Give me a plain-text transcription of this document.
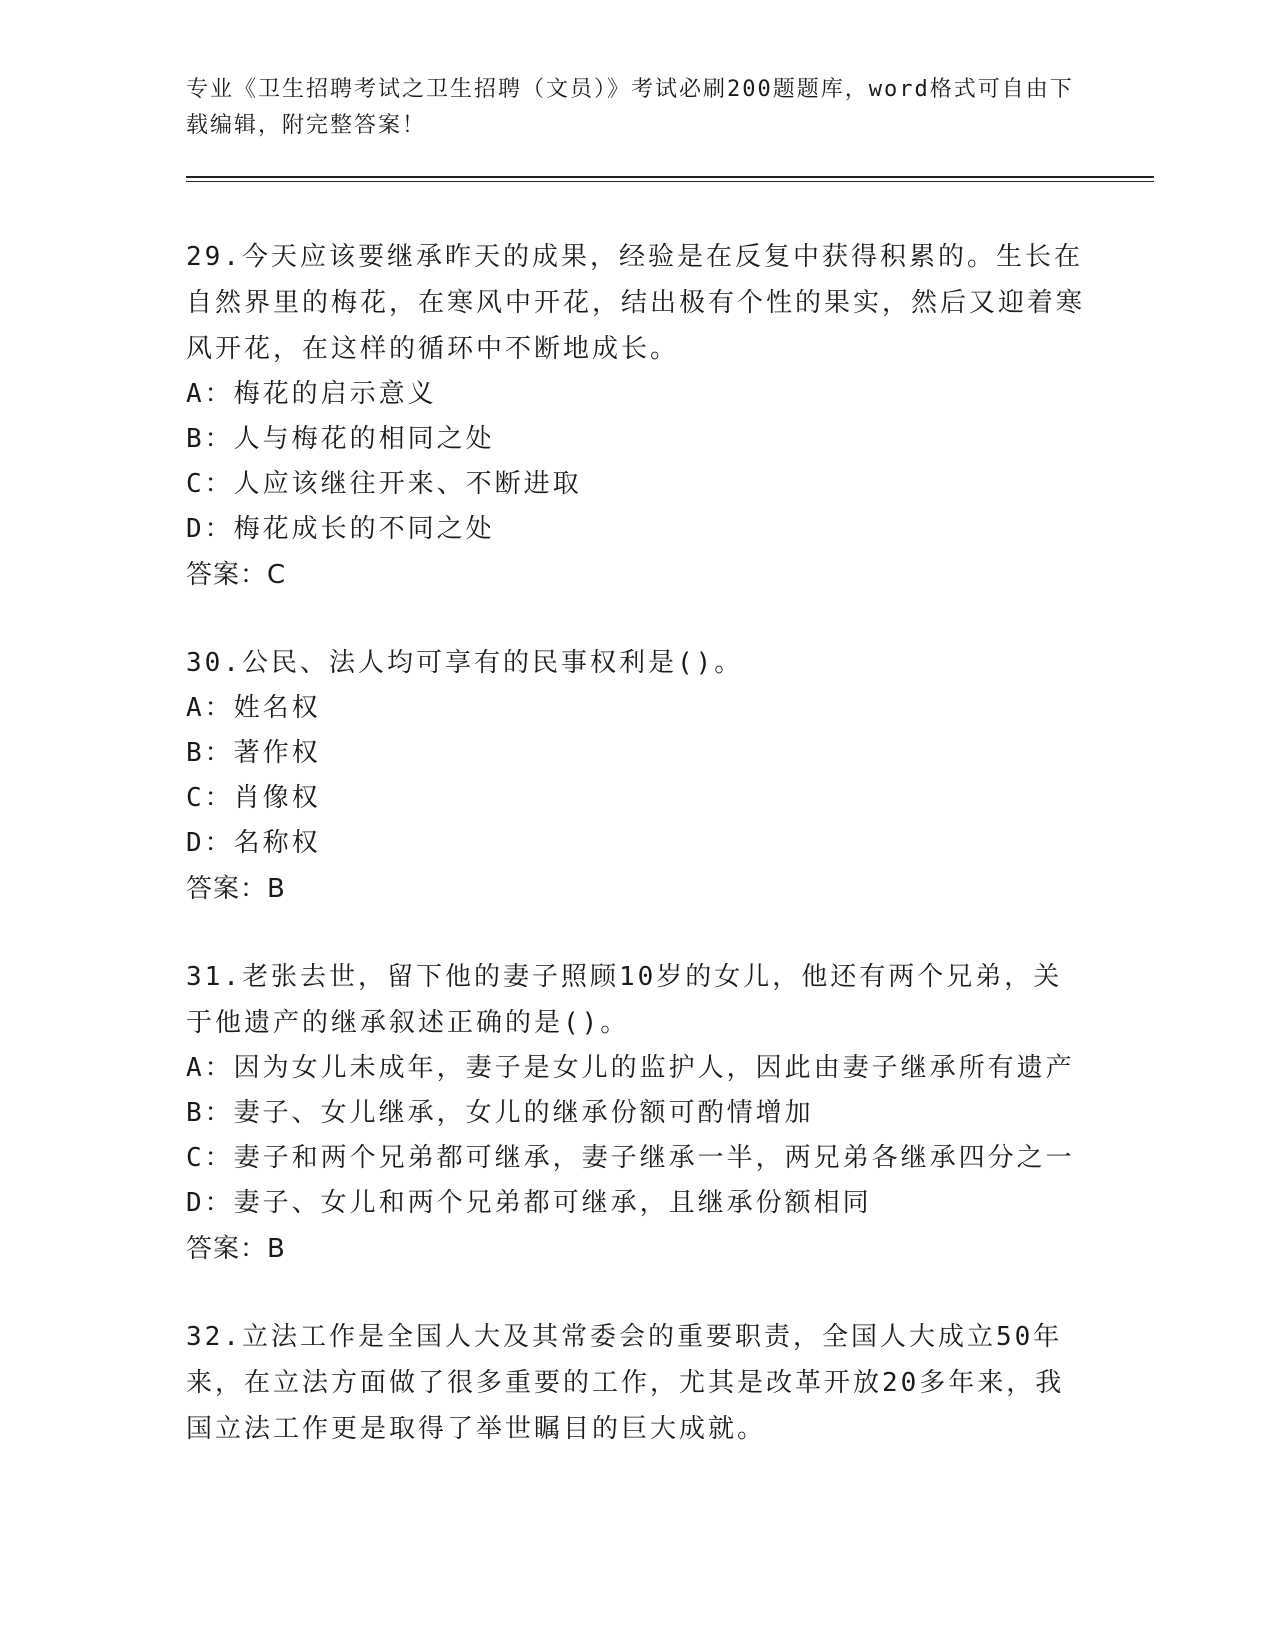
专业《卫生招聘考试之卫生招聘（文员）》考试必刷200题题库，word格式可自由下载编辑，附完整答案！

29.今天应该要继承昨天的成果，经验是在反复中获得积累的。生长在自然界里的梅花，在寒风中开花，结出极有个性的果实，然后又迎着寒风开花，在这样的循环中不断地成长。

A：梅花的启示意义

B：人与梅花的相同之处

C：人应该继往开来、不断进取

D：梅花成长的不同之处

答案：C

30.公民、法人均可享有的民事权利是()。

A：姓名权

B：著作权

C：肖像权

D：名称权

答案：B

31.老张去世，留下他的妻子照顾10岁的女儿，他还有两个兄弟，关于他遗产的继承叙述正确的是()。

A：因为女儿未成年，妻子是女儿的监护人，因此由妻子继承所有遗产

B：妻子、女儿继承，女儿的继承份额可酌情增加

C：妻子和两个兄弟都可继承，妻子继承一半，两兄弟各继承四分之一

D：妻子、女儿和两个兄弟都可继承，且继承份额相同

答案：B

32.立法工作是全国人大及其常委会的重要职责，全国人大成立50年来，在立法方面做了很多重要的工作，尤其是改革开放20多年来，我国立法工作更是取得了举世瞩目的巨大成就。
